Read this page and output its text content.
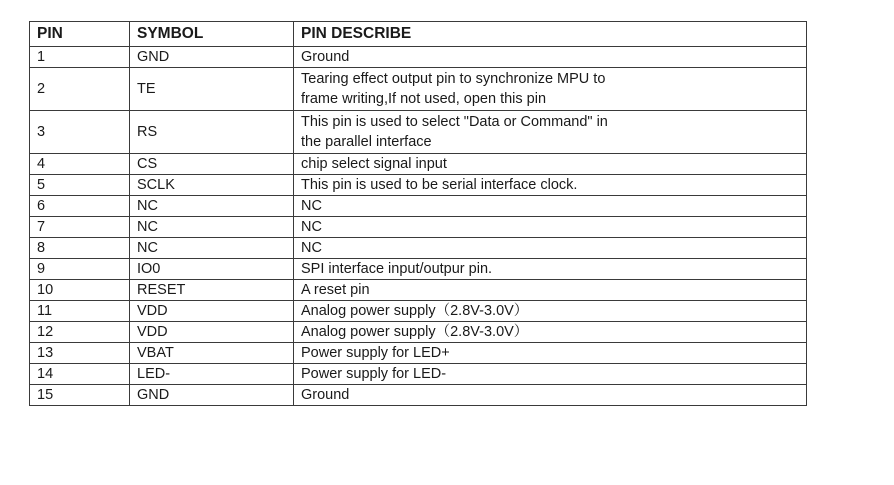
PIN	SYMBOL	PIN DESCRIBE
1	GND	Ground
2	TE	Tearing effect output pin to synchronize MPU to
frame writing,If not used, open this pin
3	RS	This pin is used to select "Data or Command" in
the parallel interface
4	CS	chip select signal input
5	SCLK	This pin is used to be serial interface clock.
6	NC	NC
7	NC	NC
8	NC	NC
9	IO0	SPI interface input/outpur pin.
10	RESET	A reset pin
11	VDD	Analog power supply（2.8V-3.0V）
12	VDD	Analog power supply（2.8V-3.0V）
13	VBAT	Power supply for LED+
14	LED-	Power supply for LED-
15	GND	Ground
